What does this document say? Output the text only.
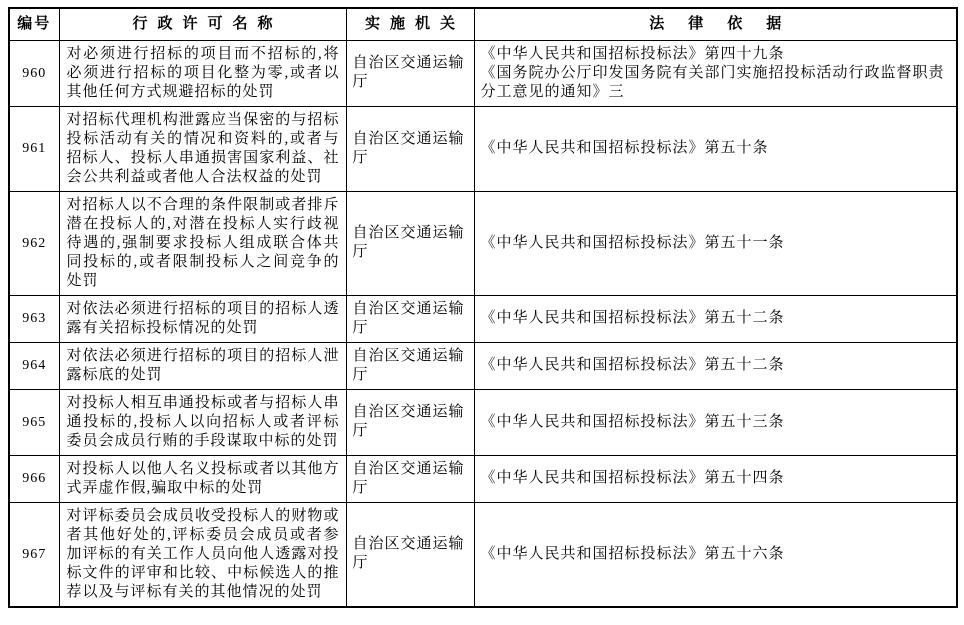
编号	行政许可名称	实施机关	法律依据
960	对必须进行招标的项目而不招标的,将必须进行招标的项目化整为零,或者以其他任何方式规避招标的处罚	自治区交通运输厅	《中华人民共和国招标投标法》第四十九条
《国务院办公厅印发国务院有关部门实施招投标活动行政监督职责分工意见的通知》三

961	对招标代理机构泄露应当保密的与招标投标活动有关的情况和资料的,或者与招标人、投标人串通损害国家利益、社会公共利益或者他人合法权益的处罚	自治区交通运输厅	《中华人民共和国招标投标法》第五十条

962	对招标人以不合理的条件限制或者排斥潜在投标人的,对潜在投标人实行歧视待遇的,强制要求投标人组成联合体共同投标的,或者限制投标人之间竞争的处罚	自治区交通运输厅	《中华人民共和国招标投标法》第五十一条

963	对依法必须进行招标的项目的招标人透露有关招标投标情况的处罚	自治区交通运输厅	《中华人民共和国招标投标法》第五十二条

964	对依法必须进行招标的项目的招标人泄露标底的处罚	自治区交通运输厅	《中华人民共和国招标投标法》第五十二条

965	对投标人相互串通投标或者与招标人串通投标的,投标人以向招标人或者评标委员会成员行贿的手段谋取中标的处罚	自治区交通运输厅	《中华人民共和国招标投标法》第五十三条

966	对投标人以他人名义投标或者以其他方式弄虚作假,骗取中标的处罚	自治区交通运输厅	《中华人民共和国招标投标法》第五十四条

967	对评标委员会成员收受投标人的财物或者其他好处的,评标委员会成员或者参加评标的有关工作人员向他人透露对投标文件的评审和比较、中标候选人的推荐以及与评标有关的其他情况的处罚	自治区交通运输厅	《中华人民共和国招标投标法》第五十六条
